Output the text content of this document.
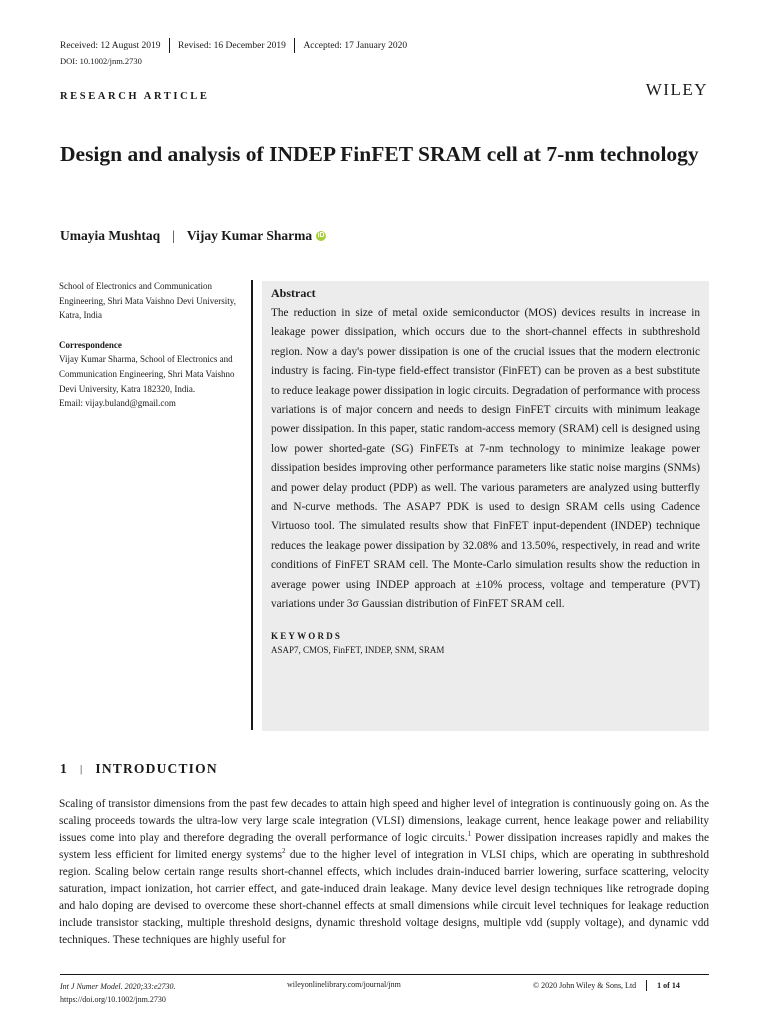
Received: 12 August 2019 Revised: 16 December 2019 Accepted: 17 January 2020
DOI: 10.1002/jnm.2730
RESEARCH ARTICLE	WILEY
Design and analysis of INDEP FinFET SRAM cell at 7-nm technology
Umayia Mushtaq | Vijay Kumar Sharma iD

School of Electronics and Communication Engineering, Shri Mata Vaishno Devi University, Katra, India

Correspondence

Vijay Kumar Sharma, School of Electronics and Communication Engineering, Shri Mata Vaishno Devi University, Katra 182320, India.

Email: vijay.buland@gmail.com

Abstract

The reduction in size of metal oxide semiconductor (MOS) devices results in increase in leakage power dissipation, which occurs due to the short-channel effects in subthreshold region. Now a day's power dissipation is one of the crucial issues that the modern electronic industry is facing. Fin-type field-effect transistor (FinFET) can be proven as a best substitute to reduce leakage power dissipation in logic circuits. Degradation of performance with process variations is of major concern and needs to design FinFET circuits with minimum leakage power dissipation. In this paper, static random-access memory (SRAM) cell is designed using low power shorted-gate (SG) FinFETs at 7-nm technology to minimize leakage power dissipation besides improving other performance parameters like static noise margins (SNMs) and power delay product (PDP) as well. The various parameters are analyzed using butterfly and N-curve methods. The ASAP7 PDK is used to design SRAM cells using Cadence Virtuoso tool. The simulated results show that FinFET input-dependent (INDEP) technique reduces the leakage power dissipation by 32.08% and 13.50%, respectively, in read and write conditions of FinFET SRAM cell. The Monte-Carlo simulation results show the reduction in average power using INDEP approach at ±10% process, voltage and temperature (PVT) variations under 3σ Gaussian distribution of FinFET SRAM cell.

KEYWORDS

ASAP7, CMOS, FinFET, INDEP, SNM, SRAM

1 | INTRODUCTION

Scaling of transistor dimensions from the past few decades to attain high speed and higher level of integration is continuously going on. As the scaling proceeds towards the ultra-low very large scale integration (VLSI) dimensions, leakage current, hence leakage power and reliability issues come into play and therefore degrading the overall performance of logic circuits.$^1$ Power dissipation increases rapidly and makes the system less efficient for limited energy systems$^2$ due to the higher level of integration in VLSI chips, which are operating in subthreshold region. Scaling below certain range results short-channel effects, which includes drain-induced barrier lowering, surface scattering, velocity saturation, impact ionization, hot carrier effect, and gate-induced drain leakage. Many device level design techniques like retrograde doping and halo doping are devised to overcome these short-channel effects at small dimensions while circuit level techniques for leakage reduction include transistor stacking, multiple threshold designs, dynamic threshold voltage designs, multiple vdd (supply voltage), and dynamic vdd techniques. These techniques are highly useful for

Int J Numer Model. 2020;33:e2730.
https://doi.org/10.1002/jnm.2730
wileyonlinelibrary.com/journal/jnm	© 2020 John Wiley & Sons, Ltd	1 of 14
